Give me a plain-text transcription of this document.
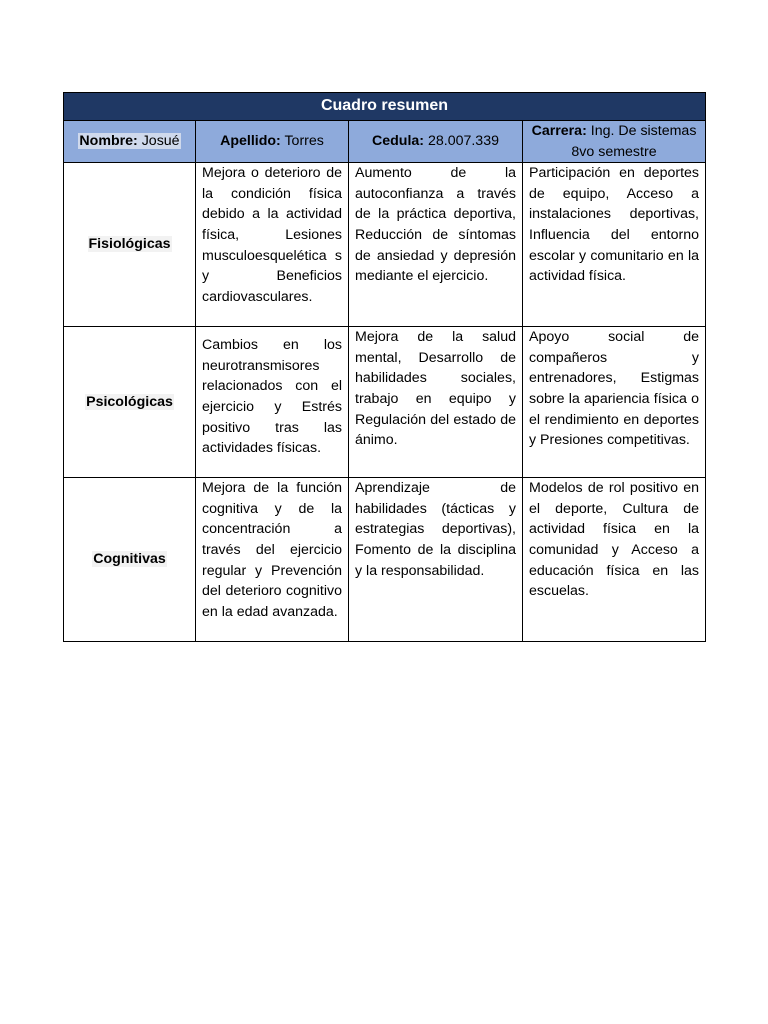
Cuadro resumen			
Nombre: Josué	Apellido: Torres	Cedula: 28.007.339	Carrera: Ing. De sistemas 8vo semestre
Fisiológicas	Mejora o deterioro de la condición física debido a la actividad física, Lesiones musculoesquelética s y Beneficios cardiovasculares.	Aumento de la autoconfianza a través de la práctica deportiva, Reducción de síntomas de ansiedad y depresión mediante el ejercicio.	Participación en deportes de equipo, Acceso a instalaciones deportivas, Influencia del entorno escolar y comunitario en la actividad física.
Psicológicas	Cambios en los neurotransmisores relacionados con el ejercicio y Estrés positivo tras las actividades físicas.	Mejora de la salud mental, Desarrollo de habilidades sociales, trabajo en equipo y Regulación del estado de ánimo.	Apoyo social de compañeros y entrenadores, Estigmas sobre la apariencia física o el rendimiento en deportes y Presiones competitivas.
Cognitivas	Mejora de la función cognitiva y de la concentración a través del ejercicio regular y Prevención del deterioro cognitivo en la edad avanzada.	Aprendizaje de habilidades (tácticas y estrategias deportivas), Fomento de la disciplina y la responsabilidad.	Modelos de rol positivo en el deporte, Cultura de actividad física en la comunidad y Acceso a educación física en las escuelas.
